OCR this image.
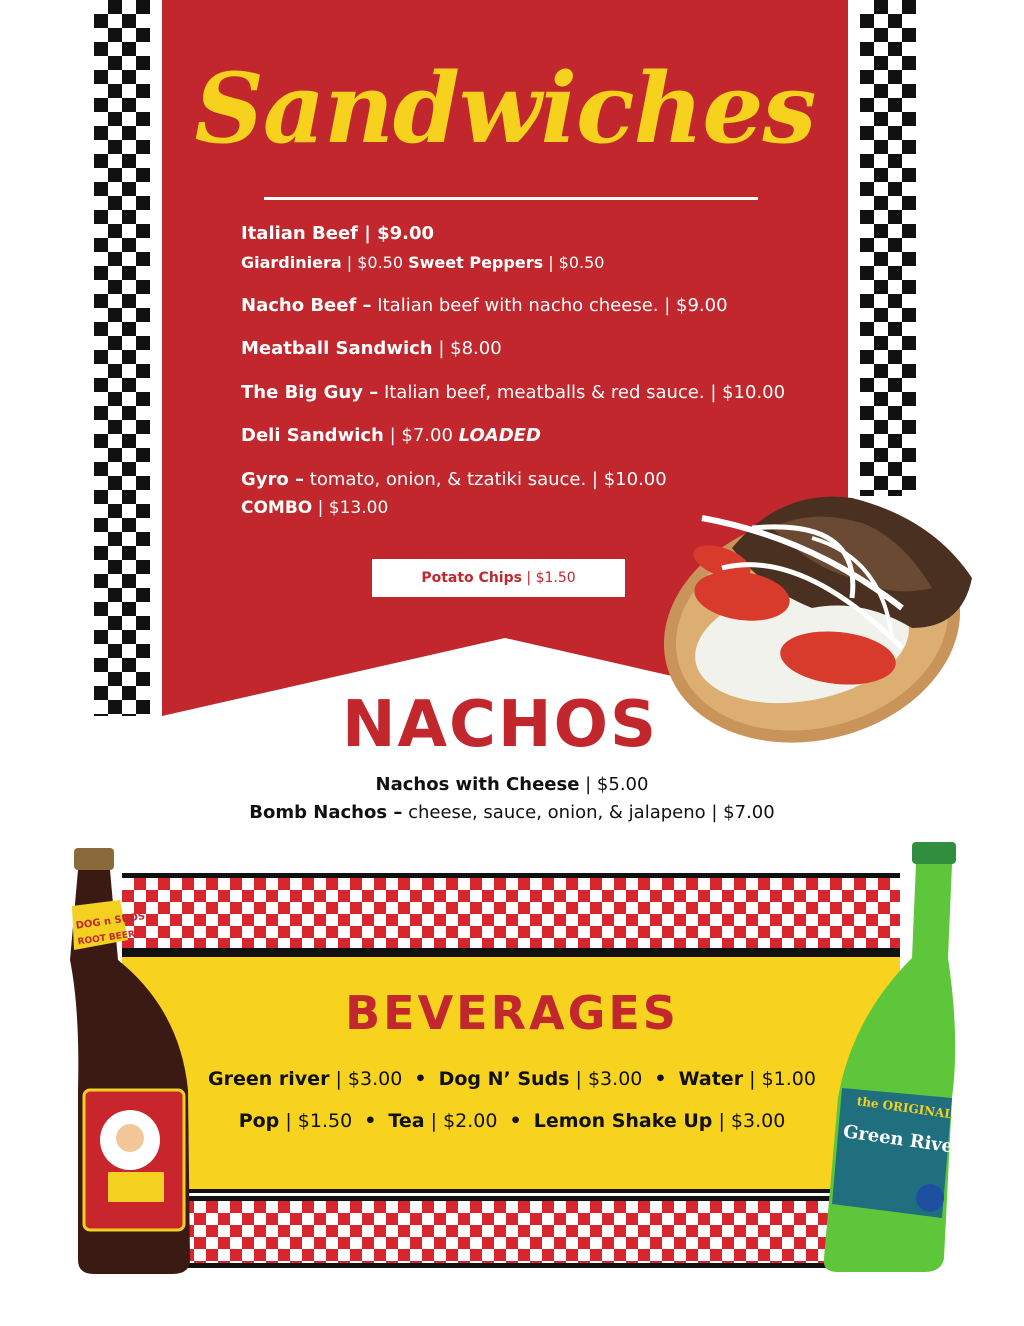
Sandwiches
Italian Beef | $9.00
Giardiniera | $0.50 Sweet Peppers | $0.50
Nacho Beef – Italian beef with nacho cheese. | $9.00
Meatball Sandwich | $8.00
The Big Guy – Italian beef, meatballs & red sauce. | $10.00
Deli Sandwich | $7.00 LOADED
Gyro – tomato, onion, & tzatiki sauce. | $10.00
COMBO | $13.00
Potato Chips | $1.50
NACHOS
Nachos with Cheese | $5.00
Bomb Nachos – cheese, sauce, onion, & jalapeno | $7.00
BEVERAGES
Green river | $3.00 • Dog N’ Suds | $3.00 • Water | $1.00
Pop | $1.50 • Tea | $2.00 • Lemon Shake Up | $3.00
DOG n SUDS
ROOT BEER
the ORIGINAL
Green River
